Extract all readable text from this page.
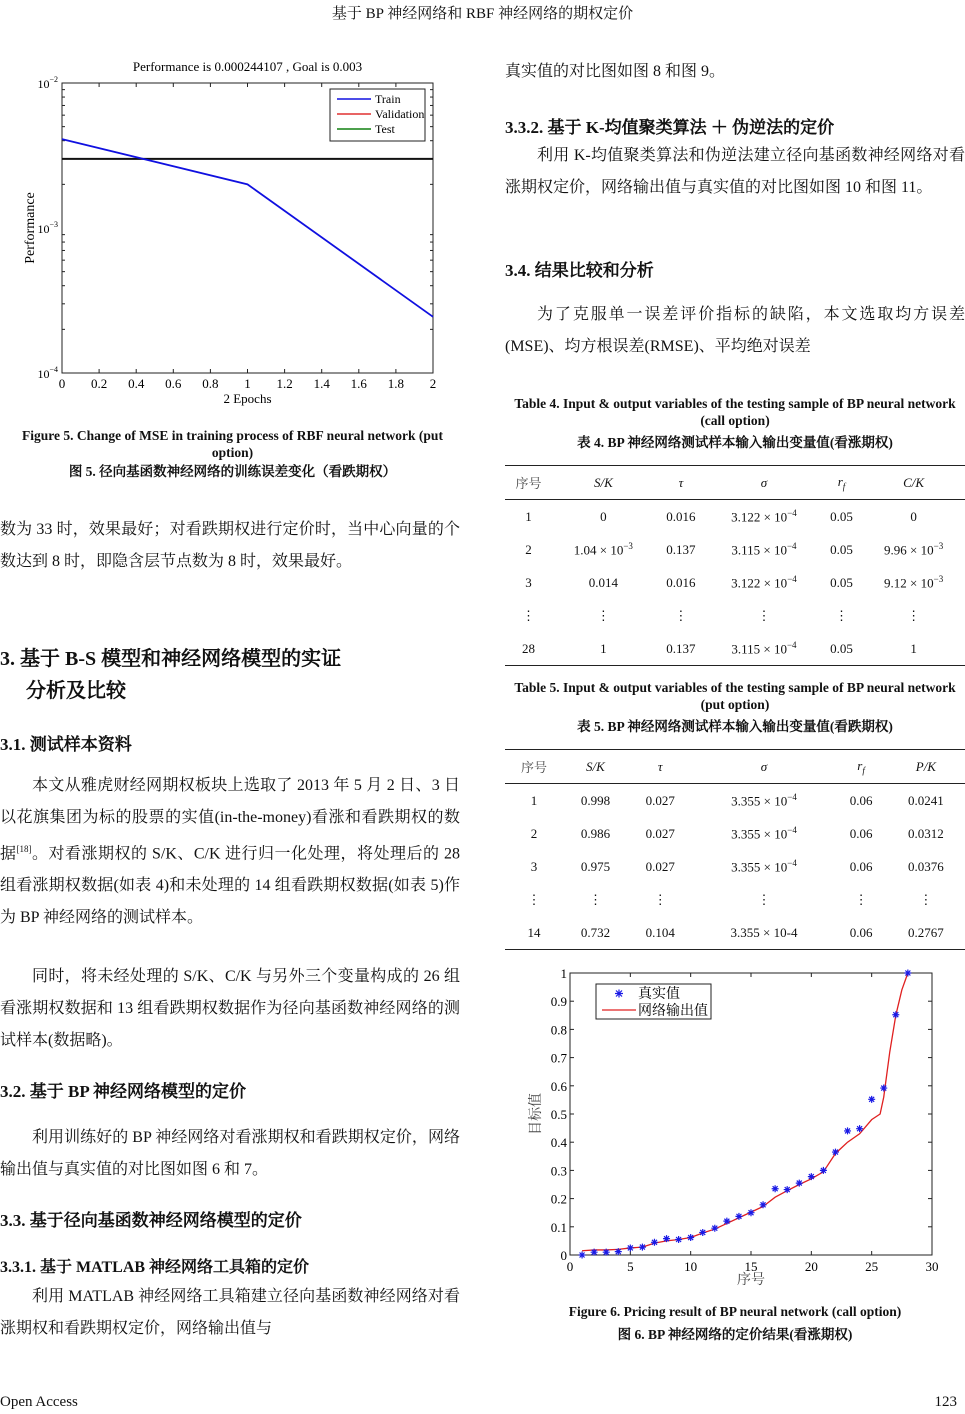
基于 BP 神经网络和 RBF 神经网络的期权定价
Performance is 0.000244107 , Goal is 0.003
0 0.2 0.4 0.6 0.8 1 1.2 1.4 1.6 1.8 2
$10^{-2}$
$10^{-3}$
$10^{-4}$
2 Epochs
Performance
Train
Validation
Test
Figure 5. Change of MSE in training process of RBF neural network (put option)
图 5. 径向基函数神经网络的训练误差变化（看跌期权）

数为 33 时，效果最好；对看跌期权进行定价时，当中心向量的个数达到 8 时，即隐含层节点数为 8 时，效果最好。

3. 基于 B-S 模型和神经网络模型的实证
分析及比较
3.1. 测试样本资料

本文从雅虎财经网期权板块上选取了 2013 年 5 月 2 日、3 日以花旗集团为标的股票的实值(in-the-money)看涨和看跌期权的数据[18]。对看涨期权的 S/K、C/K 进行归一化处理，将处理后的 28 组看涨期权数据(如表 4)和未处理的 14 组看跌期权数据(如表 5)作为 BP 神经网络的测试样本。

同时，将未经处理的 S/K、C/K 与另外三个变量构成的 26 组看涨期权数据和 13 组看跌期权数据作为径向基函数神经网络的测试样本(数据略)。

3.2. 基于 BP 神经网络模型的定价

利用训练好的 BP 神经网络对看涨期权和看跌期权定价，网络输出值与真实值的对比图如图 6 和 7。

3.3. 基于径向基函数神经网络模型的定价
3.3.1. 基于 MATLAB 神经网络工具箱的定价

利用 MATLAB 神经网络工具箱建立径向基函数神经网络对看涨期权和看跌期权定价，网络输出值与

真实值的对比图如图 8 和图 9。

3.3.2. 基于 K-均值聚类算法 ＋ 伪逆法的定价

利用 K-均值聚类算法和伪逆法建立径向基函数神经网络对看涨期权定价，网络输出值与真实值的对比图如图 10 和图 11。

3.4. 结果比较和分析

为了克服单一误差评价指标的缺陷，本文选取均方误差(MSE)、均方根误差(RMSE)、平均绝对误差

Table 4. Input & output variables of the testing sample of BP neural network (call option)
表 4. BP 神经网络测试样本输入输出变量值(看涨期权)
序号	S/K	τ	σ	$r_f$	C/K
1	0	0.016	$3.122 \times 10^{-4}$	0.05	0
2	$1.04 \times 10^{-3}$	0.137	$3.115 \times 10^{-4}$	0.05	$9.96 \times 10^{-3}$
3	0.014	0.016	$3.122 \times 10^{-4}$	0.05	$9.12 \times 10^{-3}$
⋮	⋮	⋮	⋮	⋮	⋮
28	1	0.137	$3.115 \times 10^{-4}$	0.05	1
Table 5. Input & output variables of the testing sample of BP neural network (put option)
表 5. BP 神经网络测试样本输入输出变量值(看跌期权)
序号	S/K	τ	σ	$r_f$	P/K
1	0.998	0.027	$3.355 \times 10^{-4}$	0.06	0.0241
2	0.986	0.027	$3.355 \times 10^{-4}$	0.06	0.0312
3	0.975	0.027	$3.355 \times 10^{-4}$	0.06	0.0376
⋮	⋮	⋮	⋮	⋮	⋮
14	0.732	0.104	3.355 × 10-4	0.06	0.2767
0	5	10	15	20	25	30
0
0.1
0.2
0.3
0.4
0.5
0.6
0.7
0.8
0.9
1
序号
目标值
真实值
网络输出值
Figure 6. Pricing result of BP neural network (call option)
图 6. BP 神经网络的定价结果(看涨期权)
Open Access	123
